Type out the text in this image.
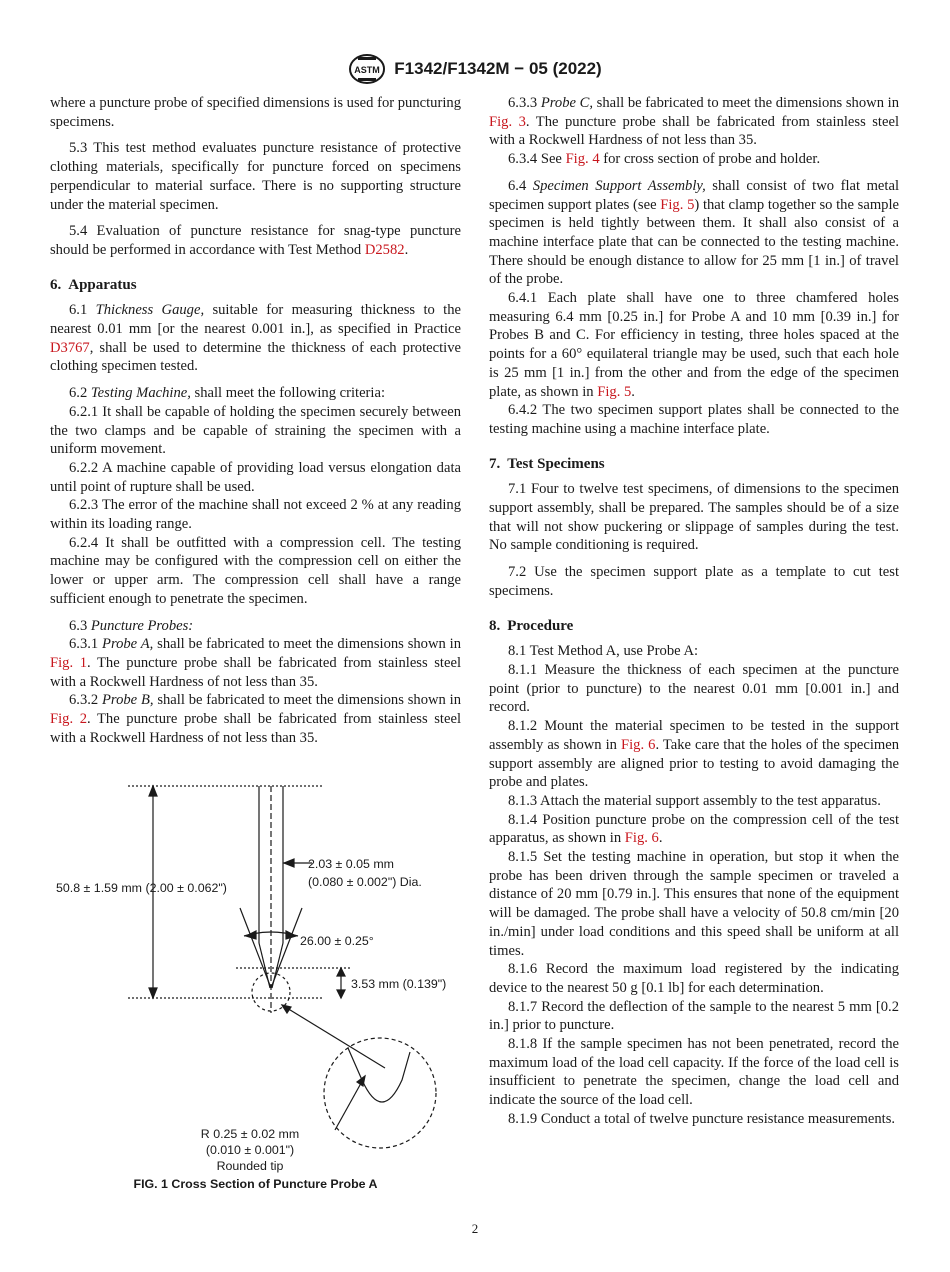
ASTM F1342/F1342M − 05 (2022)

where a puncture probe of specified dimensions is used for puncturing specimens.

5.3 This test method evaluates puncture resistance of protective clothing materials, specifically for puncture forced on specimens perpendicular to material surface. There is no supporting structure under the material specimen.

5.4 Evaluation of puncture resistance for snag-type puncture should be performed in accordance with Test Method D2582.

6. Apparatus

6.1 Thickness Gauge, suitable for measuring thickness to the nearest 0.01 mm [or the nearest 0.001 in.], as specified in Practice D3767, shall be used to determine the thickness of each protective clothing specimen tested.

6.2 Testing Machine, shall meet the following criteria:

6.2.1 It shall be capable of holding the specimen securely between the two clamps and be capable of straining the specimen with a uniform movement.

6.2.2 A machine capable of providing load versus elongation data until point of rupture shall be used.

6.2.3 The error of the machine shall not exceed 2 % at any reading within its loading range.

6.2.4 It shall be outfitted with a compression cell. The testing machine may be configured with the compression cell on either the lower or upper arm. The compression cell shall have a range sufficient enough to penetrate the specimen.

6.3 Puncture Probes:

6.3.1 Probe A, shall be fabricated to meet the dimensions shown in Fig. 1. The puncture probe shall be fabricated from stainless steel with a Rockwell Hardness of not less than 35.

6.3.2 Probe B, shall be fabricated to meet the dimensions shown in Fig. 2. The puncture probe shall be fabricated from stainless steel with a Rockwell Hardness of not less than 35.

50.8 ± 1.59 mm (2.00 ± 0.062")
2.03 ± 0.05 mm
(0.080 ± 0.002") Dia.
26.00 ± 0.25°
3.53 mm (0.139")
R 0.25 ± 0.02 mm
(0.010 ± 0.001")
Rounded tip
FIG. 1 Cross Section of Puncture Probe A

6.3.3 Probe C, shall be fabricated to meet the dimensions shown in Fig. 3. The puncture probe shall be fabricated from stainless steel with a Rockwell Hardness of not less than 35.

6.3.4 See Fig. 4 for cross section of probe and holder.

6.4 Specimen Support Assembly, shall consist of two flat metal specimen support plates (see Fig. 5) that clamp together so the sample specimen is held tightly between them. It shall also consist of a machine interface plate that can be connected to the testing machine. There should be enough distance to allow for 25 mm [1 in.] of travel of the probe.

6.4.1 Each plate shall have one to three chamfered holes measuring 6.4 mm [0.25 in.] for Probe A and 10 mm [0.39 in.] for Probes B and C. For efficiency in testing, three holes spaced at the points for a 60° equilateral triangle may be used, such that each hole is 25 mm [1 in.] from the other and from the edge of the specimen plate, as shown in Fig. 5.

6.4.2 The two specimen support plates shall be connected to the testing machine using a machine interface plate.

7. Test Specimens

7.1 Four to twelve test specimens, of dimensions to the specimen support assembly, shall be prepared. The samples should be of a size that will not show puckering or slippage of samples during the test. No sample conditioning is required.

7.2 Use the specimen support plate as a template to cut test specimens.

8. Procedure

8.1 Test Method A, use Probe A:

8.1.1 Measure the thickness of each specimen at the puncture point (prior to puncture) to the nearest 0.01 mm [0.001 in.] and record.

8.1.2 Mount the material specimen to be tested in the support assembly as shown in Fig. 6. Take care that the holes of the specimen support assembly are aligned prior to testing to avoid damaging the probe and plates.

8.1.3 Attach the material support assembly to the test apparatus.

8.1.4 Position puncture probe on the compression cell of the test apparatus, as shown in Fig. 6.

8.1.5 Set the testing machine in operation, but stop it when the probe has been driven through the sample specimen or traveled a distance of 20 mm [0.79 in.]. This ensures that none of the equipment will be damaged. The probe shall have a velocity of 50.8 cm/min [20 in./min] under load conditions and this speed shall be uniform at all times.

8.1.6 Record the maximum load registered by the indicating device to the nearest 50 g [0.1 lb] for each determination.

8.1.7 Record the deflection of the sample to the nearest 5 mm [0.2 in.] prior to puncture.

8.1.8 If the sample specimen has not been penetrated, record the maximum load of the load cell capacity. If the force of the load cell is insufficient to penetrate the specimen, change the load cell and indicate the source of the load cell.

8.1.9 Conduct a total of twelve puncture resistance measurements.

2
